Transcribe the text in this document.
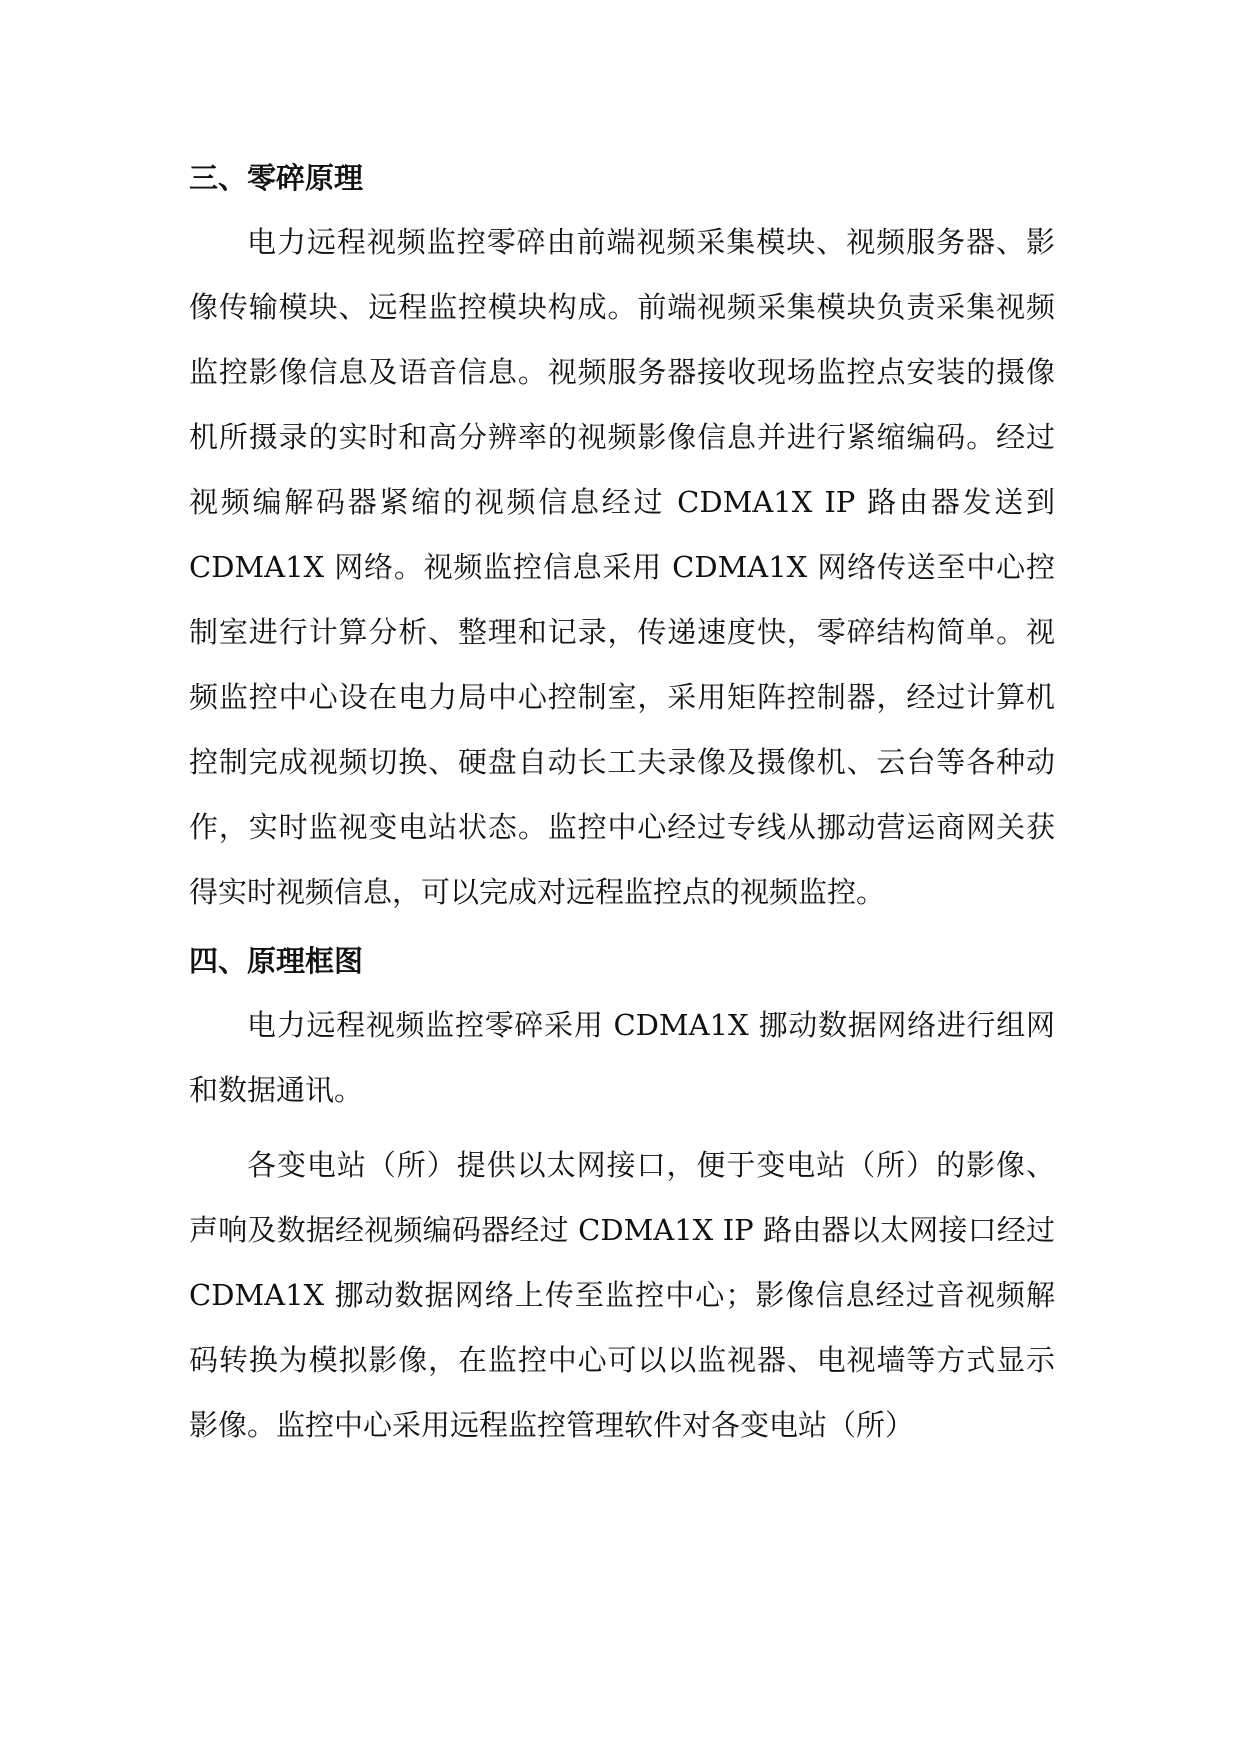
三、零碎原理

电力远程视频监控零碎由前端视频采集模块、视频服务器、影像传输模块、远程监控模块构成。前端视频采集模块负责采集视频监控影像信息及语音信息。视频服务器接收现场监控点安装的摄像机所摄录的实时和高分辨率的视频影像信息并进行紧缩编码。经过视频编解码器紧缩的视频信息经过 CDMA1X IP 路由器发送到 CDMA1X 网络。视频监控信息采用 CDMA1X 网络传送至中心控制室进行计算分析、整理和记录，传递速度快，零碎结构简单。视频监控中心设在电力局中心控制室，采用矩阵控制器，经过计算机控制完成视频切换、硬盘自动长工夫录像及摄像机、云台等各种动作，实时监视变电站状态。监控中心经过专线从挪动营运商网关获得实时视频信息，可以完成对远程监控点的视频监控。

四、原理框图

电力远程视频监控零碎采用 CDMA1X 挪动数据网络进行组网和数据通讯。

各变电站（所）提供以太网接口，便于变电站（所）的影像、声响及数据经视频编码器经过 CDMA1X IP 路由器以太网接口经过 CDMA1X 挪动数据网络上传至监控中心；影像信息经过音视频解码转换为模拟影像，在监控中心可以以监视器、电视墙等方式显示影像。监控中心采用远程监控管理软件对各变电站（所）
